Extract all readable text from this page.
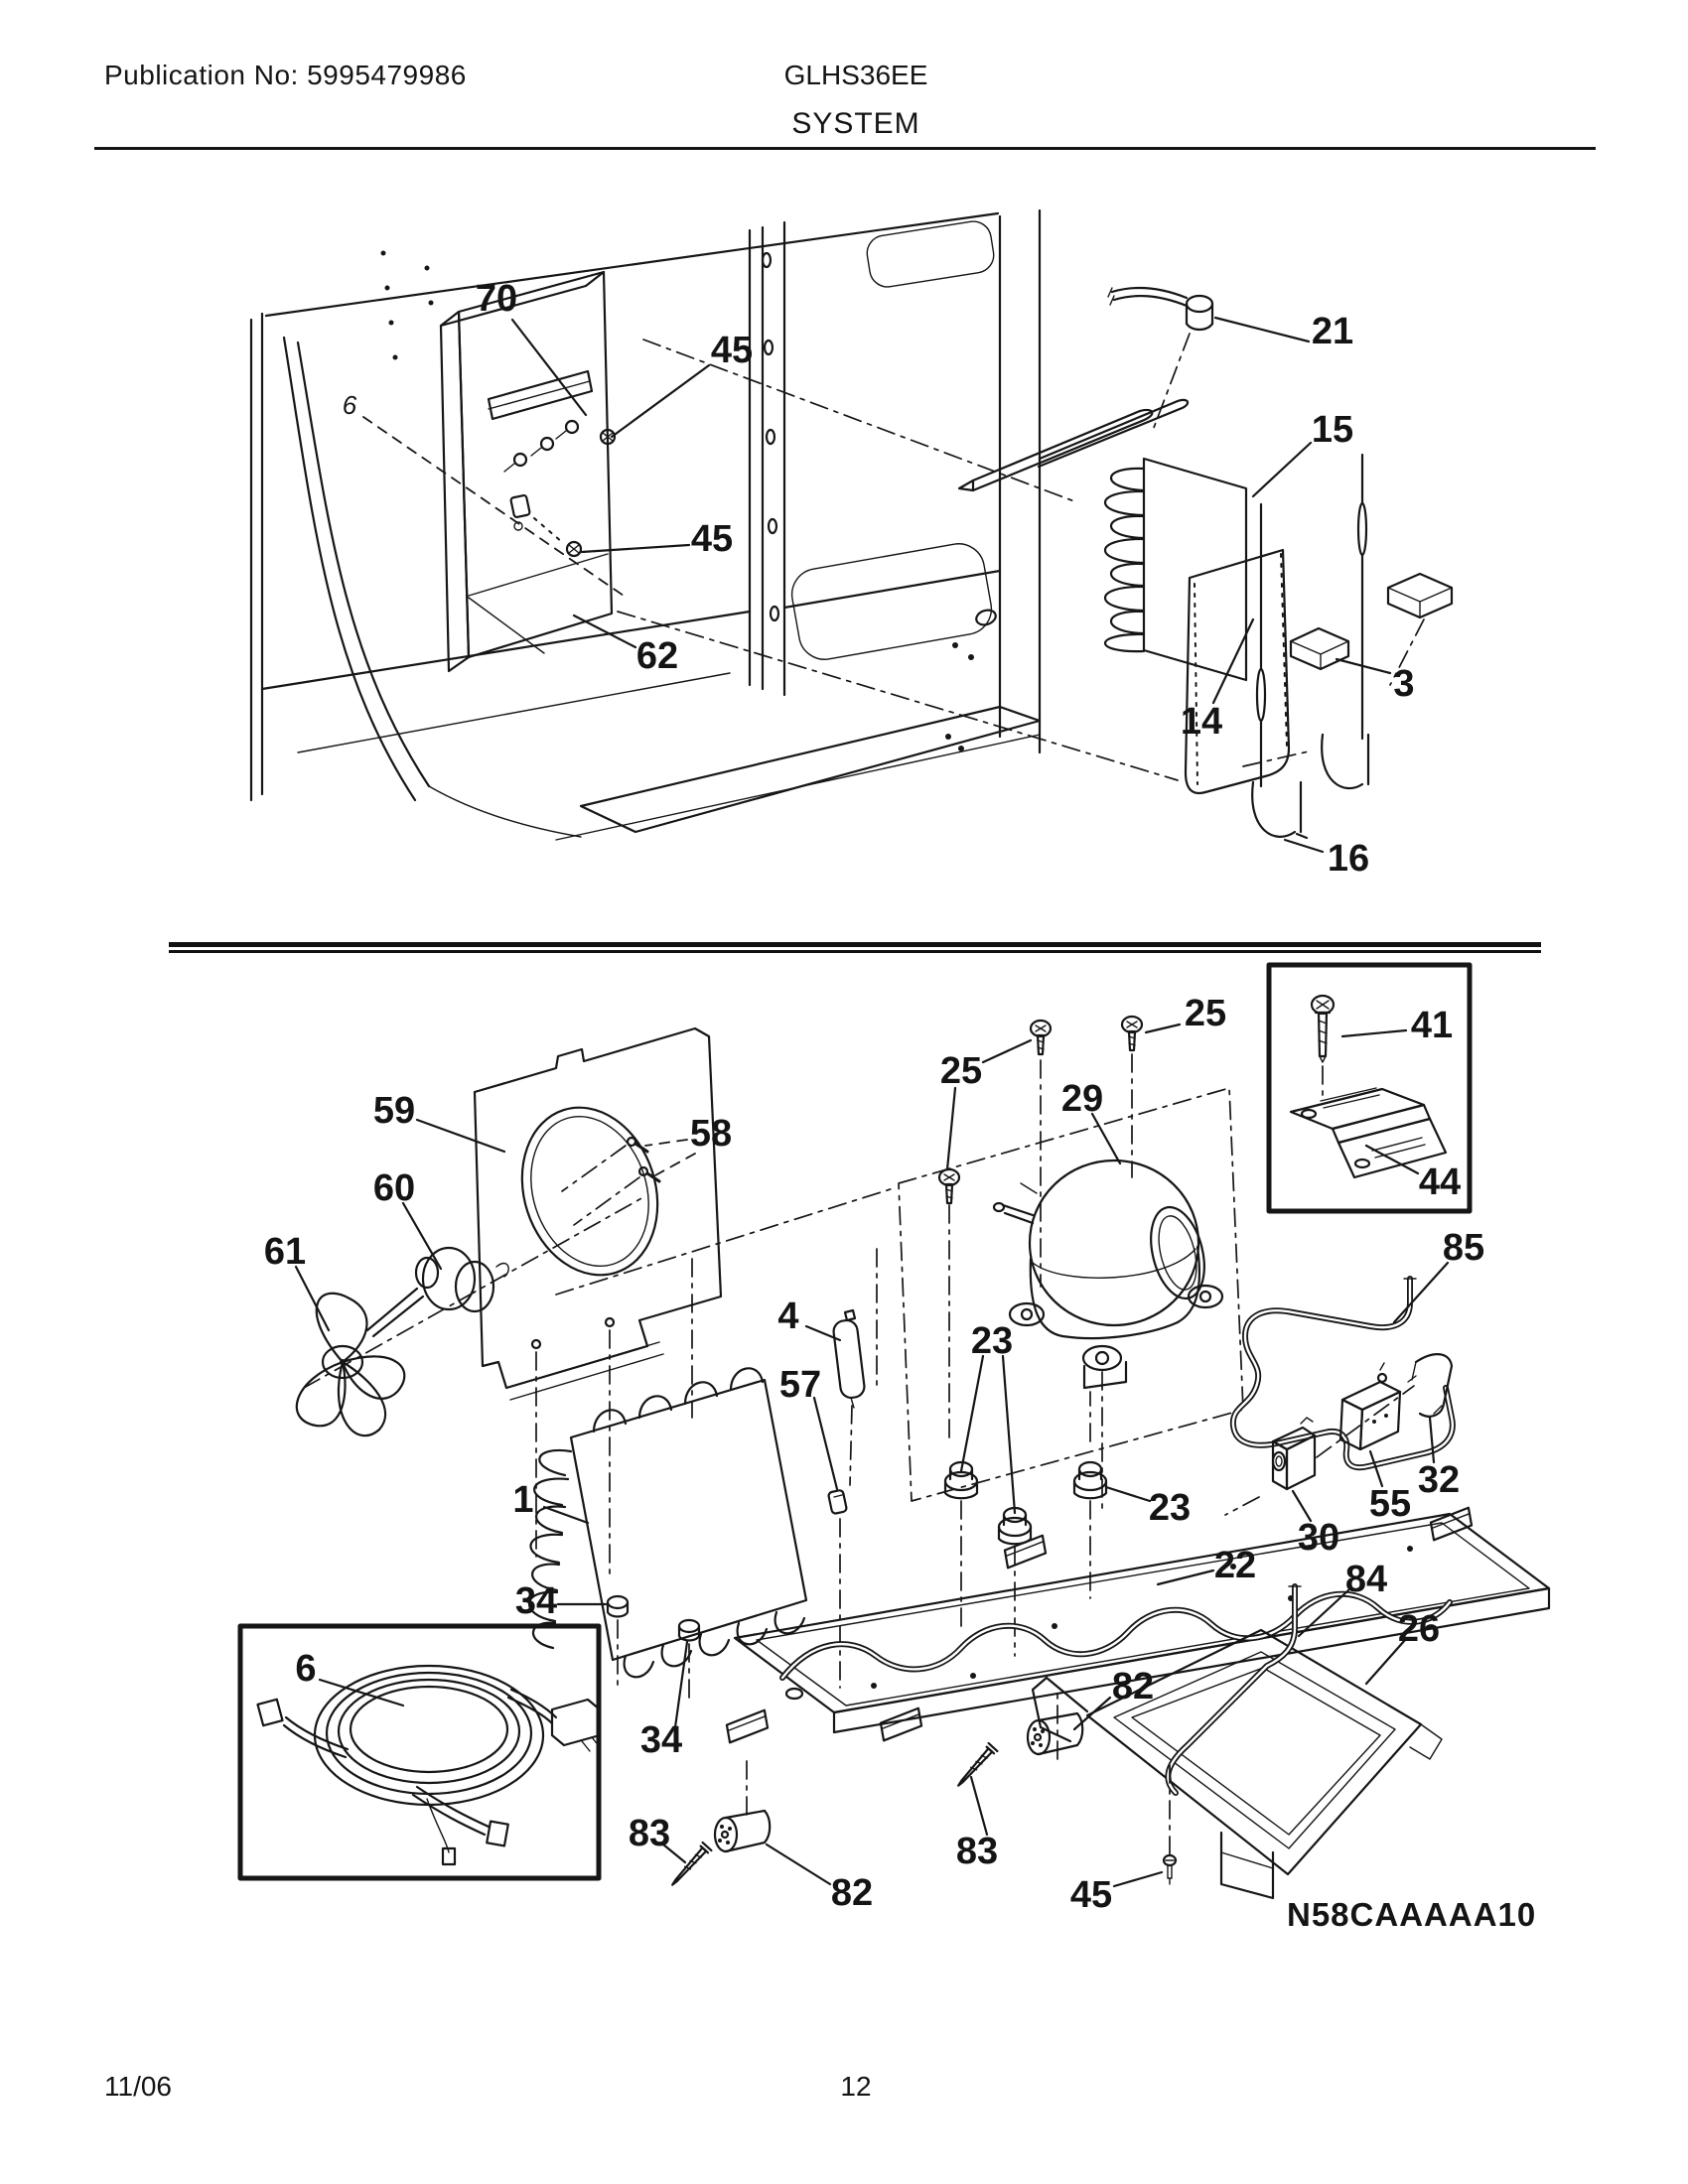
Publication No: 5995479986	GLHS36EE
SYSTEM
N58CAAAAA10
11/06	12
70
45
45
62
21
15
3
14
16
6
25
25
29
41
44
85
59
58
60
61
4
57
23
1
34
23
30
55
32
22 84
26
82
34
83
82
83
45
6
